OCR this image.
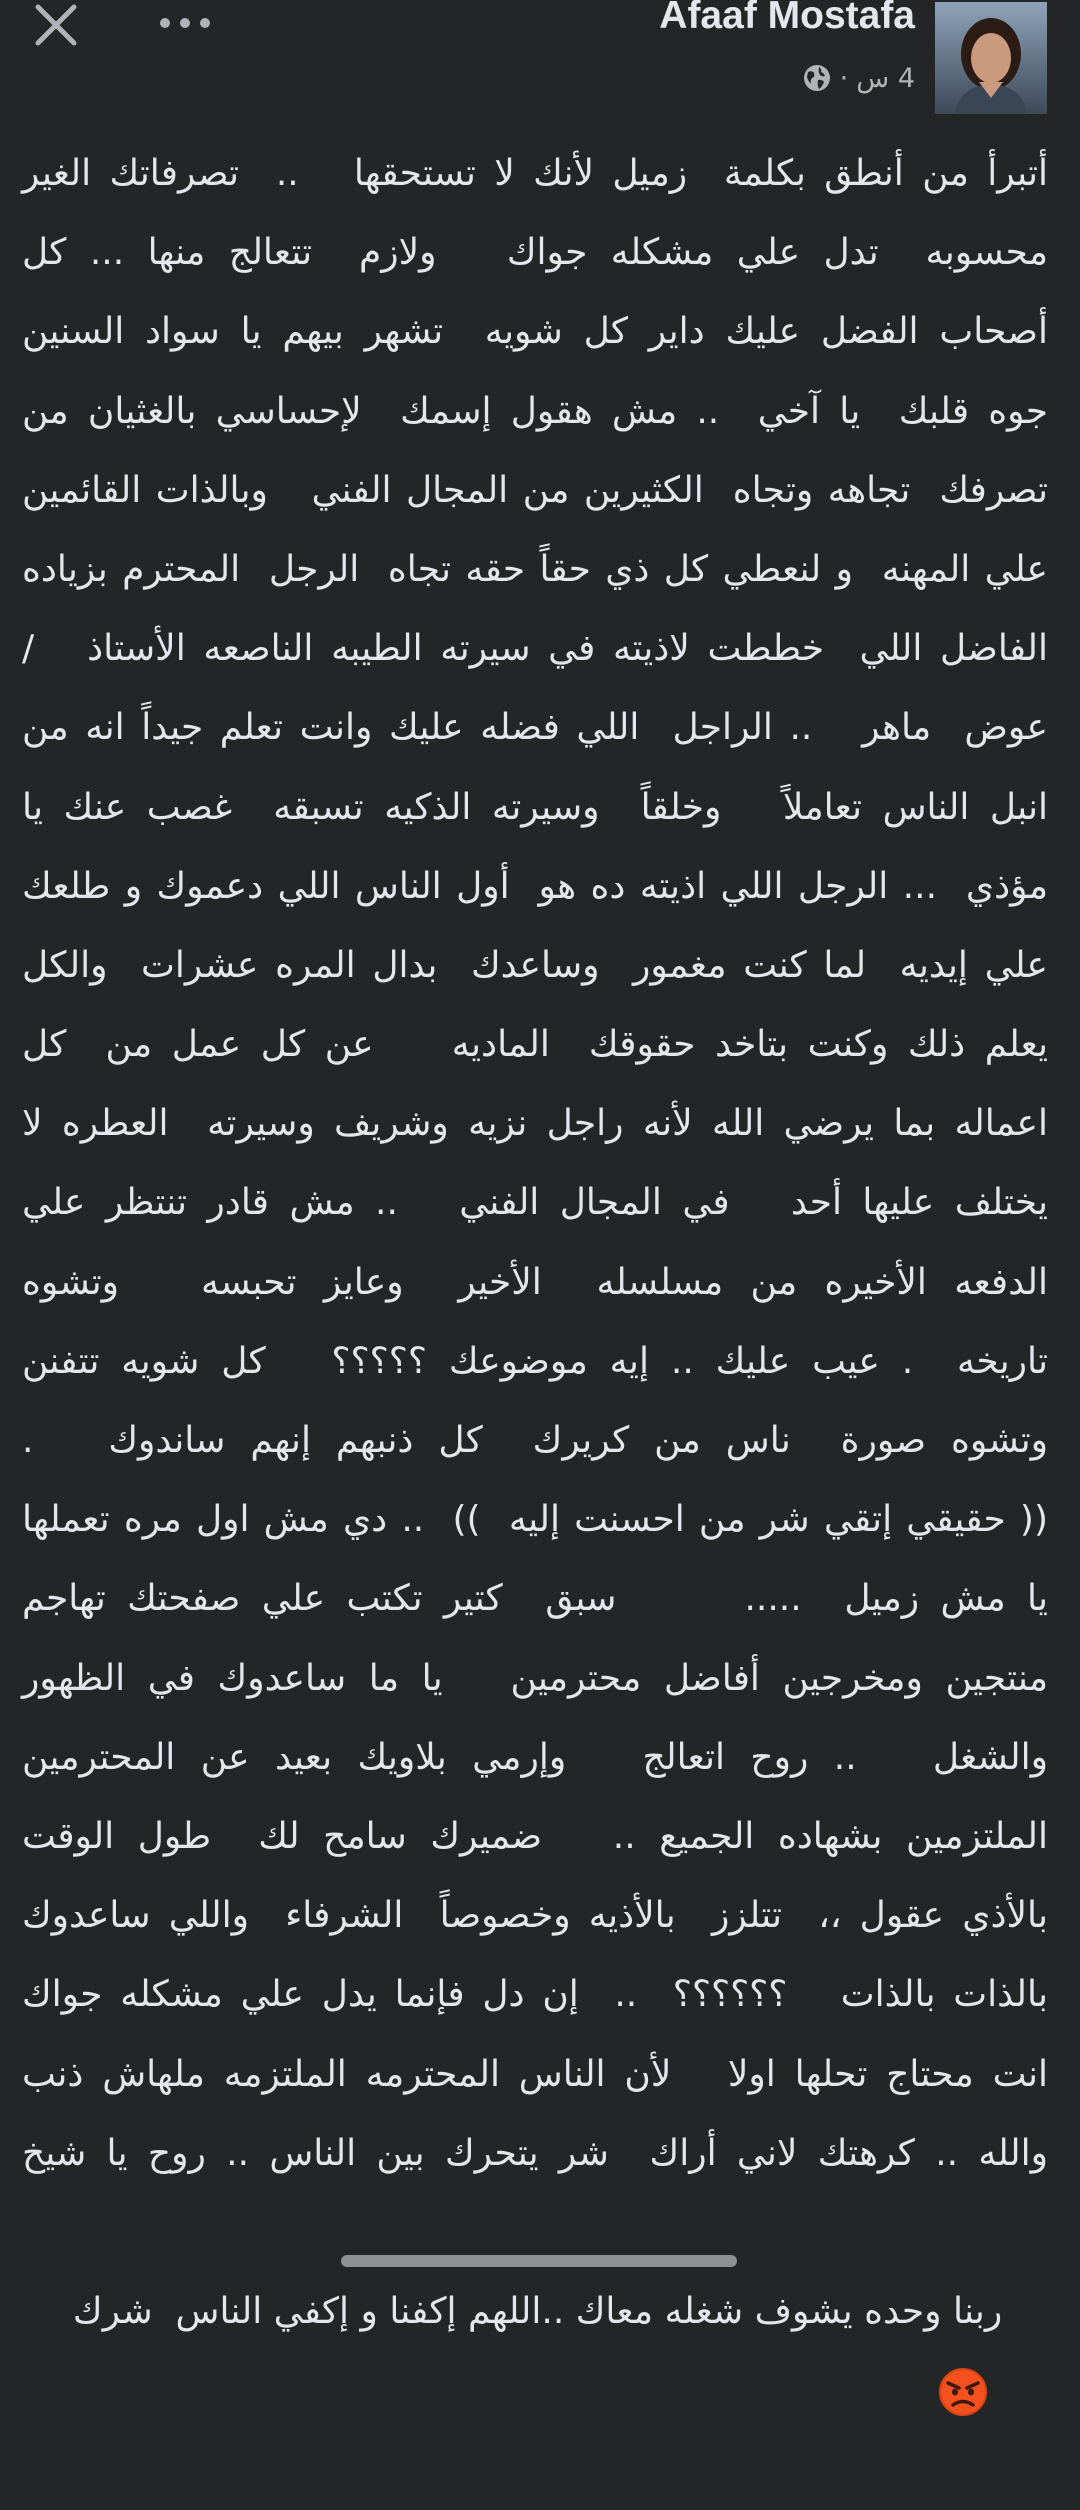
Afaaf Mostafa
4 س
·
أتبرأ من أنطق بكلمة  زميل لأنك لا تستحقها   ..  تصرفاتك الغير
محسوبه  تدل علي مشكله جواك   ولازم  تتعالج منها ... كل
أصحاب الفضل عليك داير كل شويه  تشهر بيهم يا سواد السنين
جوه قلبك  يا آخي  .. مش هقول إسمك  لإحساسي بالغثيان من
تصرفك  تجاهه وتجاه  الكثيرين من المجال الفني   وبالذات القائمين
علي المهنه  و لنعطي كل ذي حقاً حقه تجاه  الرجل  المحترم بزياده
الفاضل اللي  خططت لاذيته في سيرته الطيبه الناصعه الأستاذ   /
عوض  ماهر   .. الراجل  اللي فضله عليك وانت تعلم جيداً انه من
انبل الناس تعاملاً   وخلقاً  وسيرته الذكيه تسبقه  غصب عنك يا
مؤذي  ... الرجل اللي اذيته ده هو  أول الناس اللي دعموك و طلعك
علي إيديه  لما كنت مغمور  وساعدك  بدال المره عشرات  والكل
يعلم ذلك وكنت بتاخد حقوقك  الماديه    عن كل عمل من  كل
اعماله بما يرضي الله لأنه راجل نزيه وشريف وسيرته  العطره لا
يختلف عليها أحد   في المجال الفني   .. مش قادر تنتظر علي
الدفعه الأخيره من مسلسله  الأخير  وعايز تحبسه   وتشوه
تاريخه  . عيب عليك .. إيه موضوعك ؟؟؟؟؟   كل شويه تتفنن
وتشوه صورة  ناس من كريرك  كل ذنبهم إنهم ساندوك   .
(( حقيقي إتقي شر من احسنت إليه  ))  .. دي مش اول مره تعملها
يا مش زميل  .....      سبق  كتير تكتب علي صفحتك تهاجم
منتجين ومخرجين أفاضل محترمين   يا ما ساعدوك في الظهور
والشغل   .. روح اتعالج   وإرمي بلاويك بعيد عن المحترمين
الملتزمين بشهاده الجميع ..   ضميرك سامح لك  طول الوقت
بالأذي عقول ،،  تتلزز  بالأذيه وخصوصاً  الشرفاء  واللي ساعدوك
بالذات بالذات   ؟؟؟؟؟؟  ..  إن دل فإنما يدل علي مشكله جواك
انت محتاج تحلها اولا   لأن الناس المحترمه الملتزمه ملهاش ذنب
والله .. كرهتك لاني أراك  شر يتحرك بين الناس .. روح يا شيخ

ربنا وحده يشوف شغله معاك ..اللهم إكفنا و إكفي الناس  شرك
